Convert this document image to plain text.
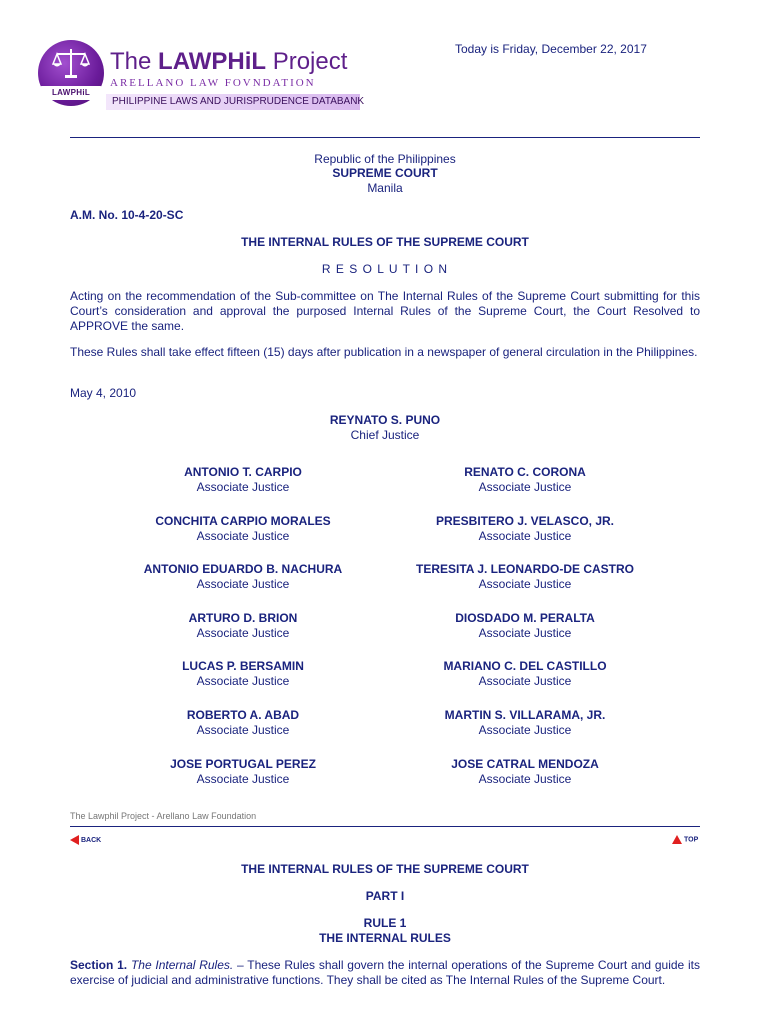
LAWPHiL
The LAWPHiL Project
ARELLANO LAW FOVNDATION
PHILIPPINE LAWS AND JURISPRUDENCE DATABANK
Today is Friday, December 22, 2017
Republic of the Philippines
SUPREME COURT
Manila
A.M. No. 10-4-20-SC
THE INTERNAL RULES OF THE SUPREME COURT
R E S O L U T I O N
Acting on the recommendation of the Sub-committee on The Internal Rules of the Supreme Court submitting for this Court’s consideration and approval the purposed Internal Rules of the Supreme Court, the Court Resolved to APPROVE the same.
These Rules shall take effect fifteen (15) days after publication in a newspaper of general circulation in the Philippines.
May 4, 2010
REYNATO S. PUNO
Chief Justice
ANTONIO T. CARPIO
Associate Justice
RENATO C. CORONA
Associate Justice
CONCHITA CARPIO MORALES
Associate Justice
PRESBITERO J. VELASCO, JR.
Associate Justice
ANTONIO EDUARDO B. NACHURA
Associate Justice
TERESITA J. LEONARDO-DE CASTRO
Associate Justice
ARTURO D. BRION
Associate Justice
DIOSDADO M. PERALTA
Associate Justice
LUCAS P. BERSAMIN
Associate Justice
MARIANO C. DEL CASTILLO
Associate Justice
ROBERTO A. ABAD
Associate Justice
MARTIN S. VILLARAMA, JR.
Associate Justice
JOSE PORTUGAL PEREZ
Associate Justice
JOSE CATRAL MENDOZA
Associate Justice
The Lawphil Project - Arellano Law Foundation
BACK	TOP
THE INTERNAL RULES OF THE SUPREME COURT
PART I
RULE 1
THE INTERNAL RULES
Section 1. The Internal Rules. – These Rules shall govern the internal operations of the Supreme Court and guide its exercise of judicial and administrative functions. They shall be cited as The Internal Rules of the Supreme Court.
